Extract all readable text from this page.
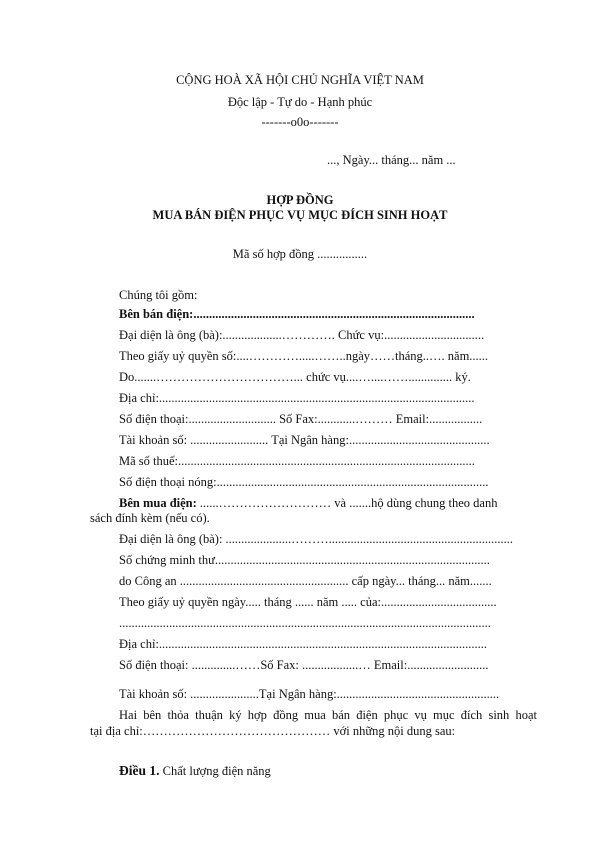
CỘNG HOÀ XÃ HỘI CHỦ NGHĨA VIỆT NAM
Độc lập - Tự do - Hạnh phúc
-------o0o-------
..., Ngày... tháng... năm ...
HỢP ĐỒNG
MUA BÁN ĐIỆN PHỤC VỤ MỤC ĐÍCH SINH HOẠT
Mã số hợp đồng ................
Chúng tôi gồm:
Bên bán điện:..........................................................................................
Đại diện là ông (bà):...................…………. Chức vụ:................................
Theo giấy uỷ quyền số:....………….....……..ngày……tháng..…. năm......
Do.......……………………………... chức vụ....…....…….............. ký.
Địa chỉ:.....................................................................................................
Số điện thoại:............................ Số Fax:............……… Email:.................
Tài khoản số: ......................... Tại Ngân hàng:.............................................
Mã số thuế:...............................................................................................
Số điện thoại nóng:.......................................................................................
Bên mua điện: ......……………………… và .......hộ dùng chung theo danh
sách đính kèm (nếu có).
Đại diện là ông (bà): .....................………...........................................................
Số chứng minh thư........................................................................................
do Công an ...................................................... cấp ngày... tháng... năm.......
Theo giấy uỷ quyền ngày..... tháng ...... năm ..... của:.....................................
.......................................................................................................................
Địa chỉ:.........................................................................................................
Số điện thoại: ..............……Số Fax: ..................… Email:..........................
Tài khoản số: ......................Tại Ngân hàng:....................................................
Hai bên thỏa thuận ký hợp đồng mua bán điện phục vụ mục đích sinh hoạt
tại địa chỉ:……………………………………… với những nội dung sau:
Điều 1. Chất lượng điện năng
